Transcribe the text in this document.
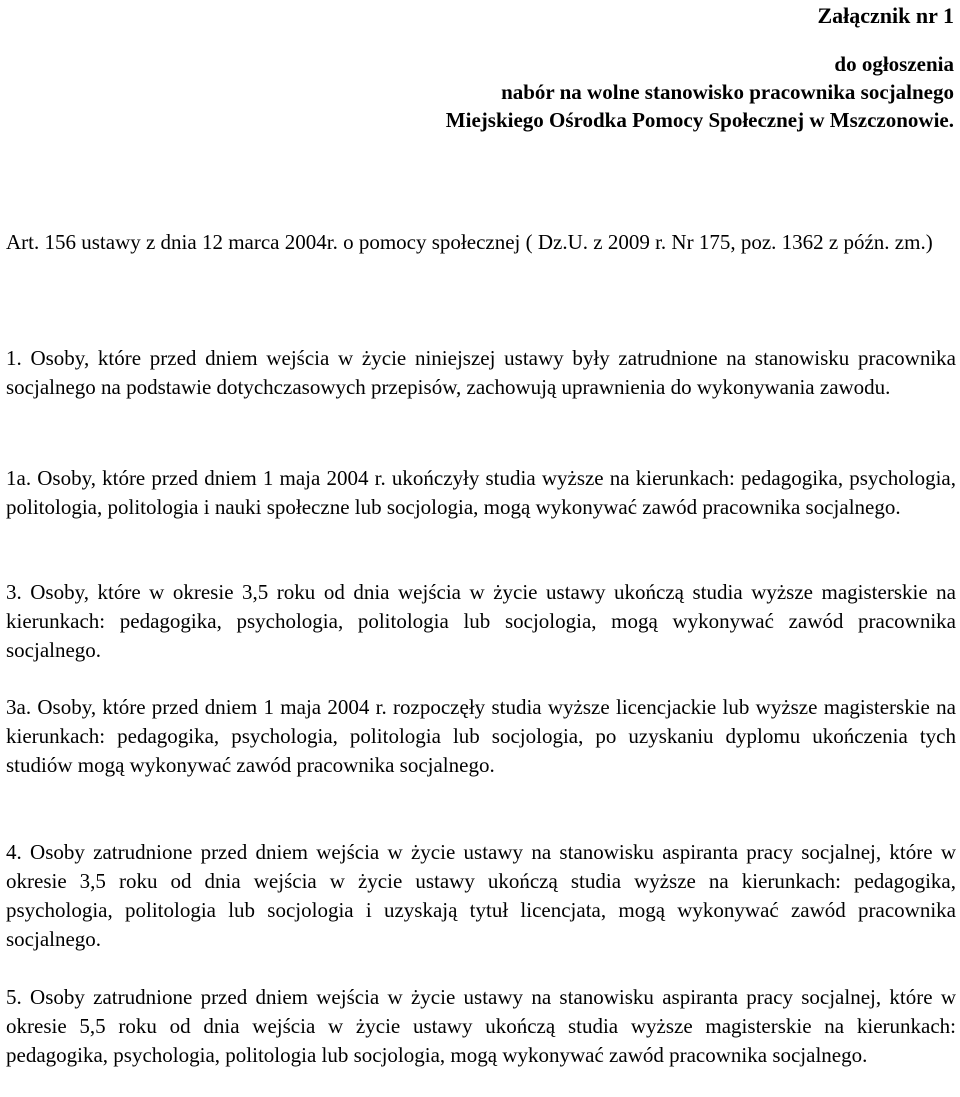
Załącznik nr 1
do ogłoszenia
nabór na wolne stanowisko pracownika socjalnego
Miejskiego Ośrodka Pomocy Społecznej w Mszczonowie.
Art. 156 ustawy z dnia 12 marca 2004r. o pomocy społecznej ( Dz.U. z 2009 r. Nr 175, poz. 1362 z późn. zm.)
1. Osoby, które przed dniem wejścia w życie niniejszej ustawy były zatrudnione na stanowisku pracownika socjalnego na podstawie dotychczasowych przepisów, zachowują uprawnienia do wykonywania zawodu.
1a. Osoby, które przed dniem 1 maja 2004 r. ukończyły studia wyższe na kierunkach: pedagogika, psychologia, politologia, politologia i nauki społeczne lub socjologia, mogą wykonywać zawód pracownika socjalnego.
3. Osoby, które w okresie 3,5 roku od dnia wejścia w życie ustawy ukończą studia wyższe magisterskie na kierunkach: pedagogika, psychologia, politologia lub socjologia, mogą wykonywać zawód pracownika socjalnego.
3a. Osoby, które przed dniem 1 maja 2004 r. rozpoczęły studia wyższe licencjackie lub wyższe magisterskie na kierunkach: pedagogika, psychologia, politologia lub socjologia, po uzyskaniu dyplomu ukończenia tych studiów mogą wykonywać zawód pracownika socjalnego.
4. Osoby zatrudnione przed dniem wejścia w życie ustawy na stanowisku aspiranta pracy socjalnej, które w okresie 3,5 roku od dnia wejścia w życie ustawy ukończą studia wyższe na kierunkach: pedagogika, psychologia, politologia lub socjologia i uzyskają tytuł licencjata, mogą wykonywać zawód pracownika socjalnego.
5. Osoby zatrudnione przed dniem wejścia w życie ustawy na stanowisku aspiranta pracy socjalnej, które w okresie 5,5 roku od dnia wejścia w życie ustawy ukończą studia wyższe magisterskie na kierunkach: pedagogika, psychologia, politologia lub socjologia, mogą wykonywać zawód pracownika socjalnego.
